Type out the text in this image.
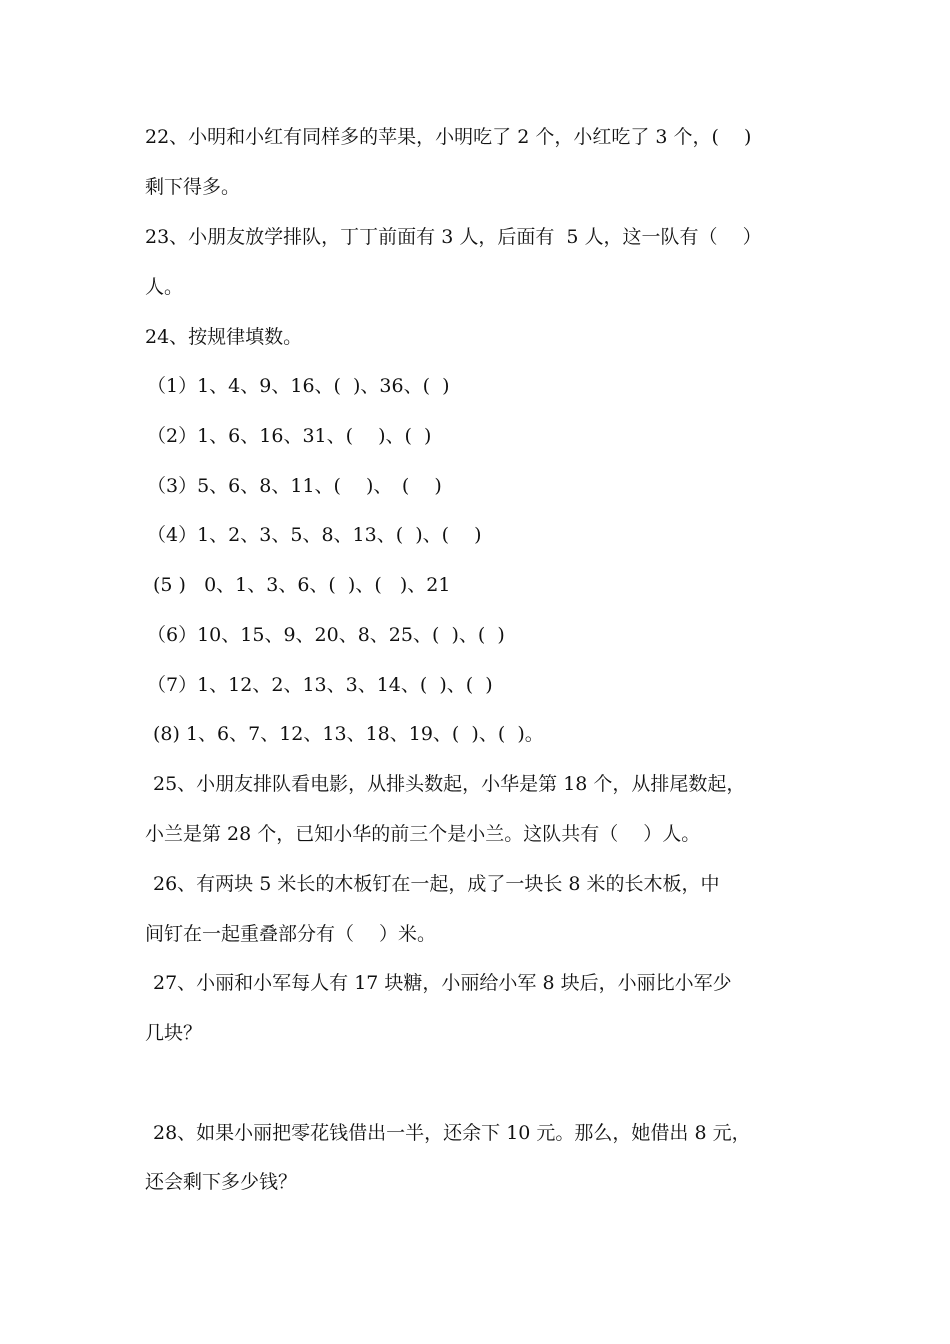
22、小明和小红有同样多的苹果，小明吃了 2 个，小红吃了 3 个，(　 )
剩下得多。
23、小朋友放学排队，丁丁前面有 3 人，后面有  5 人，这一队有（　 ）
人。
24、按规律填数。
（1）1、4、9、16、(  )、36、(  )
（2）1、6、16、31、(　 )、(  )
（3）5、6、8、11、(　 )、　(　 )
（4）1、2、3、5、8、13、(  )、(　 )
(5 )   0、1、3、6、(  )、(   )、21
（6）10、15、9、20、8、25、(  )、(  )
（7）1、12、2、13、3、14、(  )、(  )
(8) 1、6、7、12、13、18、19、(  )、(  )。
25、小朋友排队看电影，从排头数起，小华是第 18 个，从排尾数起，
小兰是第 28 个，已知小华的前三个是小兰。这队共有（　 ）人。
26、有两块 5 米长的木板钉在一起，成了一块长 8 米的长木板，中
间钉在一起重叠部分有（　 ）米。
27、小丽和小军每人有 17 块糖，小丽给小军 8 块后，小丽比小军少
几块？
28、如果小丽把零花钱借出一半，还余下 10 元。那么，她借出 8 元，
还会剩下多少钱？
